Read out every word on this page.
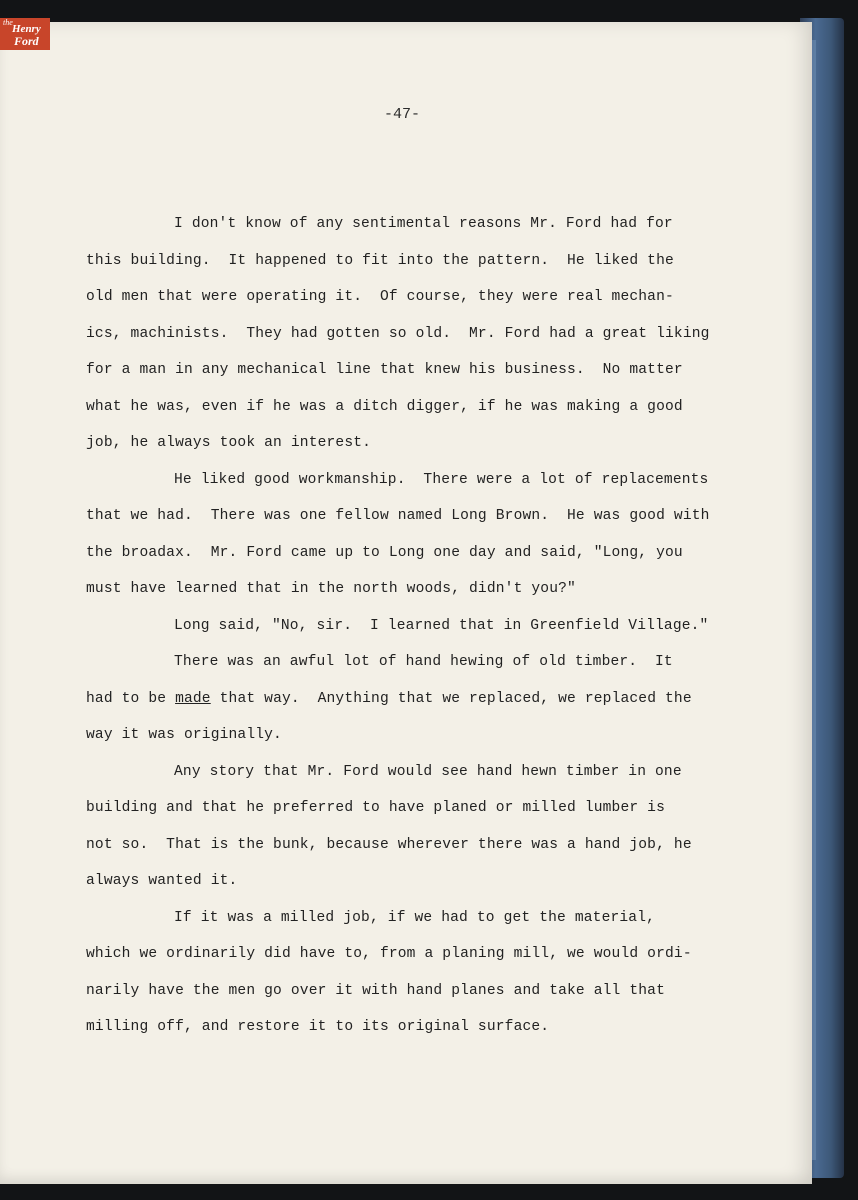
the
Henry
Ford
-47-
I don't know of any sentimental reasons Mr. Ford had for
this building.  It happened to fit into the pattern.  He liked the
old men that were operating it.  Of course, they were real mechan-
ics, machinists.  They had gotten so old.  Mr. Ford had a great liking
for a man in any mechanical line that knew his business.  No matter
what he was, even if he was a ditch digger, if he was making a good
job, he always took an interest.
He liked good workmanship.  There were a lot of replacements
that we had.  There was one fellow named Long Brown.  He was good with
the broadax.  Mr. Ford came up to Long one day and said, "Long, you
must have learned that in the north woods, didn't you?"
Long said, "No, sir.  I learned that in Greenfield Village."
There was an awful lot of hand hewing of old timber.  It
had to be made that way.  Anything that we replaced, we replaced the
way it was originally.
Any story that Mr. Ford would see hand hewn timber in one
building and that he preferred to have planed or milled lumber is
not so.  That is the bunk, because wherever there was a hand job, he
always wanted it.
If it was a milled job, if we had to get the material,
which we ordinarily did have to, from a planing mill, we would ordi-
narily have the men go over it with hand planes and take all that
milling off, and restore it to its original surface.
